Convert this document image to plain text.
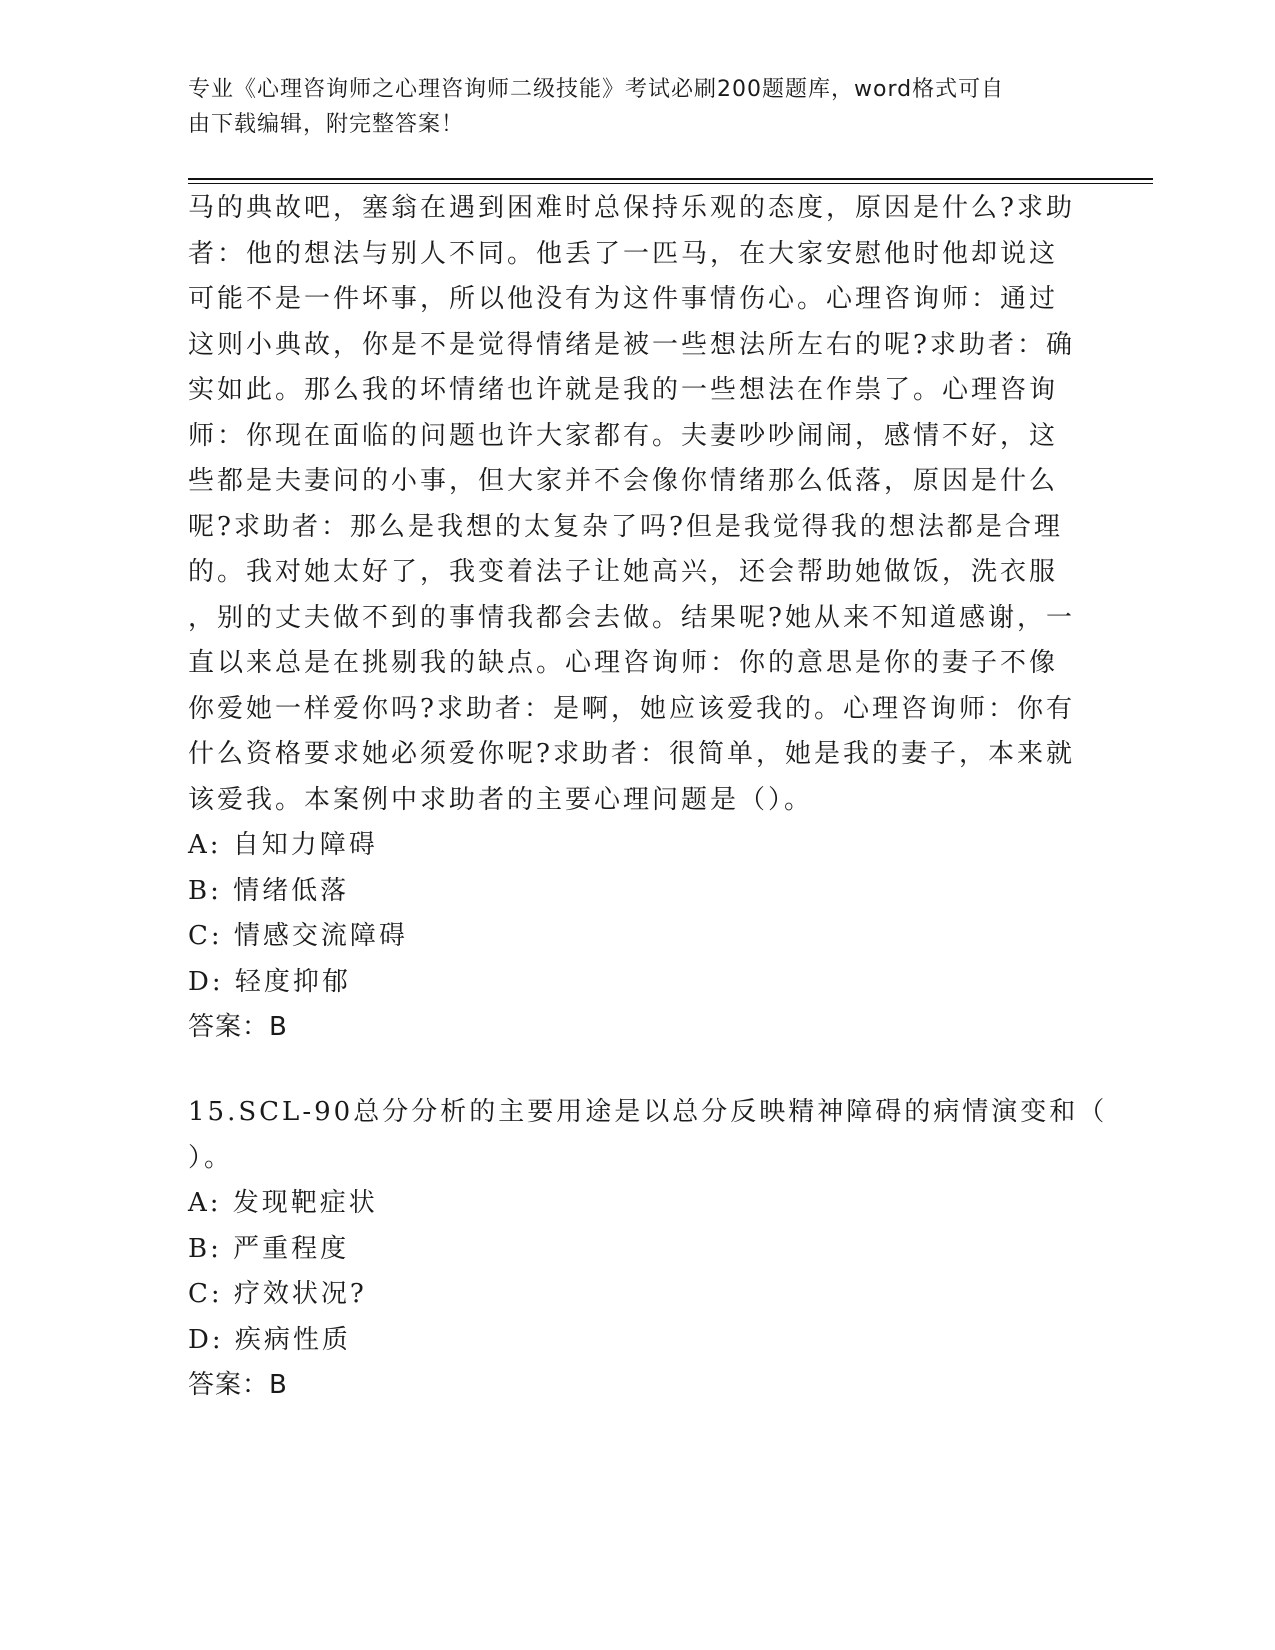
专业《心理咨询师之心理咨询师二级技能》考试必刷200题题库，word格式可自
由下载编辑，附完整答案！
马的典故吧，塞翁在遇到困难时总保持乐观的态度，原因是什么?求助
者：他的想法与别人不同。他丢了一匹马，在大家安慰他时他却说这
可能不是一件坏事，所以他没有为这件事情伤心。心理咨询师：通过
这则小典故，你是不是觉得情绪是被一些想法所左右的呢?求助者：确
实如此。那么我的坏情绪也许就是我的一些想法在作祟了。心理咨询
师：你现在面临的问题也许大家都有。夫妻吵吵闹闹，感情不好，这
些都是夫妻问的小事，但大家并不会像你情绪那么低落，原因是什么
呢?求助者：那么是我想的太复杂了吗?但是我觉得我的想法都是合理
的。我对她太好了，我变着法子让她高兴，还会帮助她做饭，洗衣服
，别的丈夫做不到的事情我都会去做。结果呢?她从来不知道感谢，一
直以来总是在挑剔我的缺点。心理咨询师：你的意思是你的妻子不像
你爱她一样爱你吗?求助者：是啊，她应该爱我的。心理咨询师：你有
什么资格要求她必须爱你呢?求助者：很简单，她是我的妻子，本来就
该爱我。本案例中求助者的主要心理问题是（）。
A: 自知力障碍
B: 情绪低落
C: 情感交流障碍
D: 轻度抑郁
答案：B
15.SCL-90总分分析的主要用途是以总分反映精神障碍的病情演变和（
）。
A: 发现靶症状
B: 严重程度
C: 疗效状况?
D: 疾病性质
答案：B
